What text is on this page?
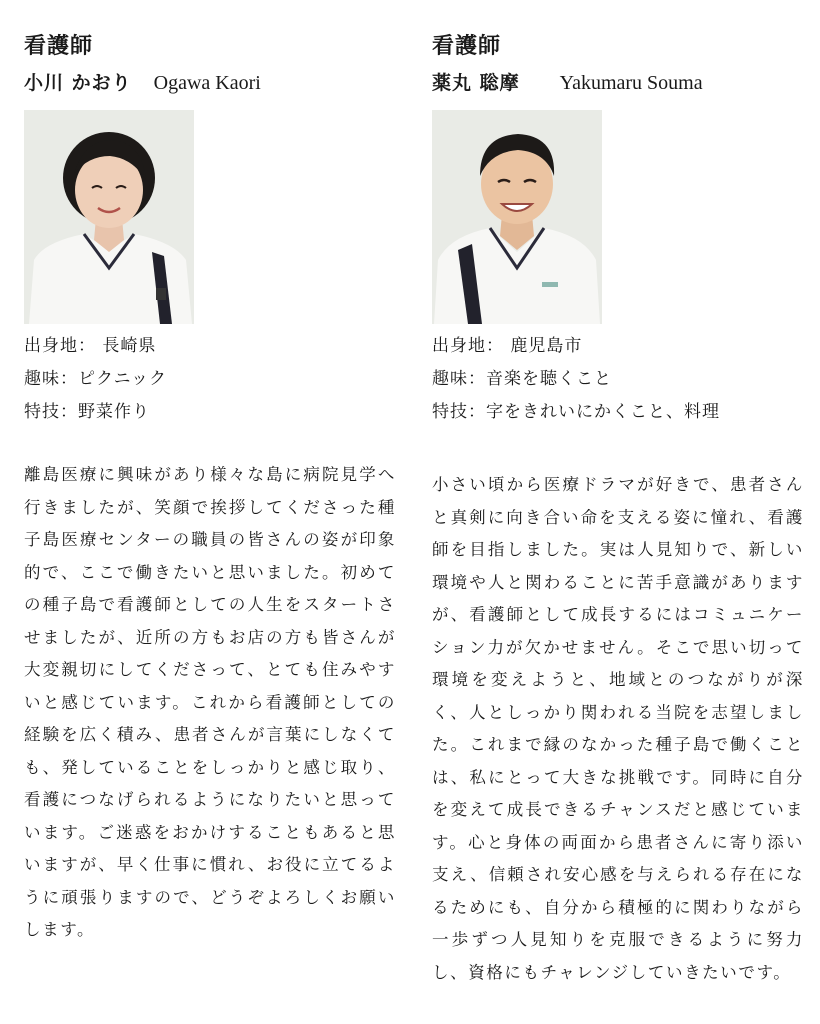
看護師
小川 かおり Ogawa Kaori
出身地： 長崎県
趣味：ピクニック
特技：野菜作り

離島医療に興味があり様々な島に病院見学へ行きましたが、笑顔で挨拶してくださった種子島医療センターの職員の皆さんの姿が印象的で、ここで働きたいと思いました。初めての種子島で看護師としての人生をスタートさせましたが、近所の方もお店の方も皆さんが大変親切にしてくださって、とても住みやすいと感じています。これから看護師としての経験を広く積み、患者さんが言葉にしなくても、発していることをしっかりと感じ取り、看護につなげられるようになりたいと思っています。ご迷惑をおかけすることもあると思いますが、早く仕事に慣れ、お役に立てるように頑張りますので、どうぞよろしくお願いします。

看護師
薬丸 聡摩 Yakumaru Souma
出身地： 鹿児島市
趣味：音楽を聴くこと
特技：字をきれいにかくこと、料理

小さい頃から医療ドラマが好きで、患者さんと真剣に向き合い命を支える姿に憧れ、看護師を目指しました。実は人見知りで、新しい環境や人と関わることに苦手意識がありますが、看護師として成長するにはコミュニケーション力が欠かせません。そこで思い切って環境を変えようと、地域とのつながりが深く、人としっかり関われる当院を志望しました。これまで縁のなかった種子島で働くことは、私にとって大きな挑戦です。同時に自分を変えて成長できるチャンスだと感じています。心と身体の両面から患者さんに寄り添い支え、信頼され安心感を与えられる存在になるためにも、自分から積極的に関わりながら一歩ずつ人見知りを克服できるように努力し、資格にもチャレンジしていきたいです。
